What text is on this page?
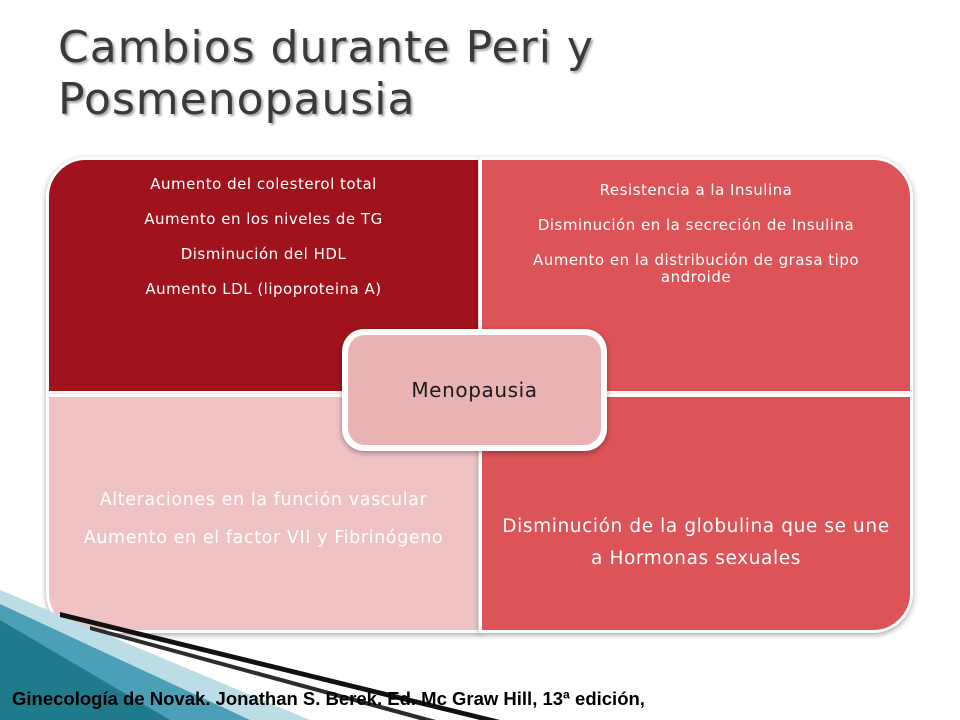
Cambios durante Peri y
Posmenopausia

Aumento del colesterol total

Aumento en los niveles de TG

Disminución del HDL

Aumento LDL (lipoproteina A)

Resistencia a la Insulina

Disminución en la secreción de Insulina

Aumento en la distribución de grasa tipo androide

Alteraciones en la función vascular

Aumento en el factor VII y Fibrinógeno

Disminución de la globulina que se une a Hormonas sexuales

Menopausia

Ginecología de Novak. Jonathan S. Berek. Ed. Mc Graw Hill, 13ª edición,
